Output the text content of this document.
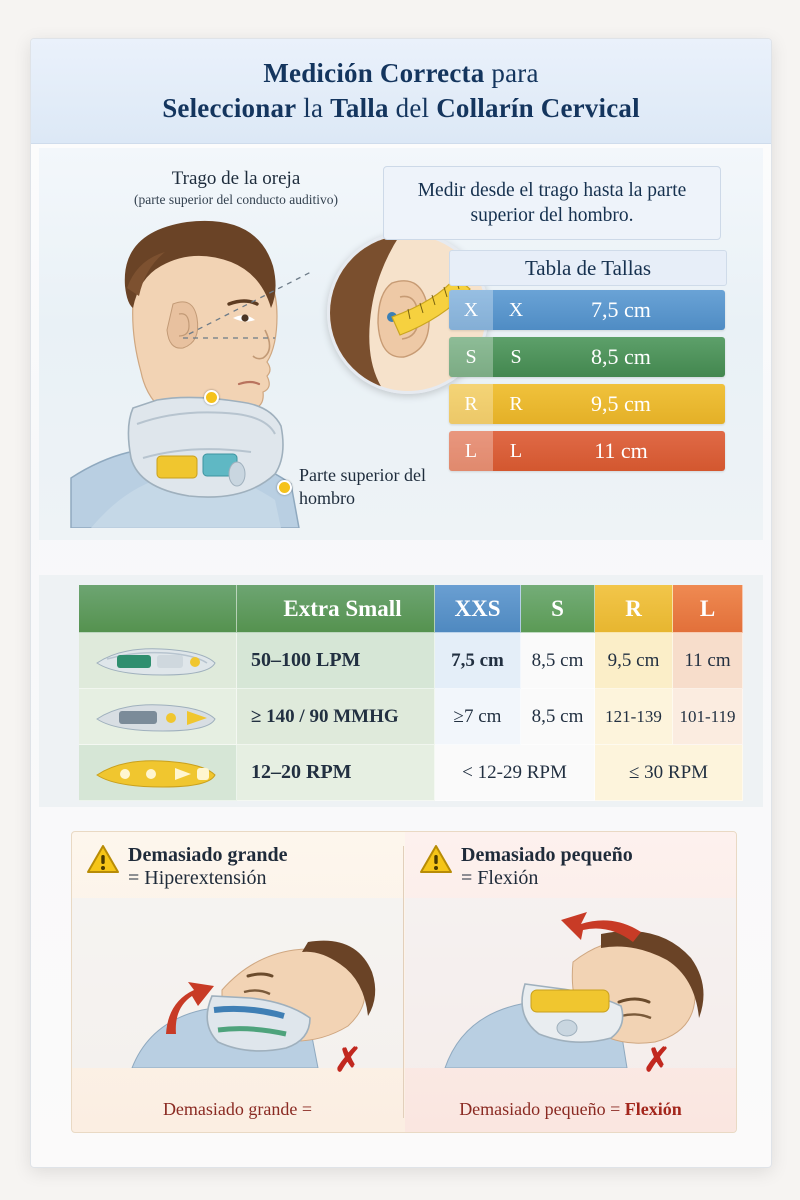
Medición Correcta para
Seleccionar la Talla del Collarín Cervical
Trago de la oreja
(parte superior del conducto auditivo)	Medir desde el trago hasta la parte superior del hombro.
Parte superior del hombro
Tabla de Tallas
X	X	7,5 cm
S	S	8,5 cm
R	R	9,5 cm
L	L	11 cm
Extra Small	XXS	S	R	L
50–100 LPM	7,5 cm	8,5 cm	9,5 cm	11 cm
≥ 140 / 90 MMHG	≥7 cm	8,5 cm	121-139	101-119
12–20 RPM	< 12-29 RPM	≤ 30 RPM
Demasiado grande
= Hiperextensión
✗
Demasiado grande =
Demasiado pequeño
= Flexión
✗
Demasiado pequeño = Flexión
